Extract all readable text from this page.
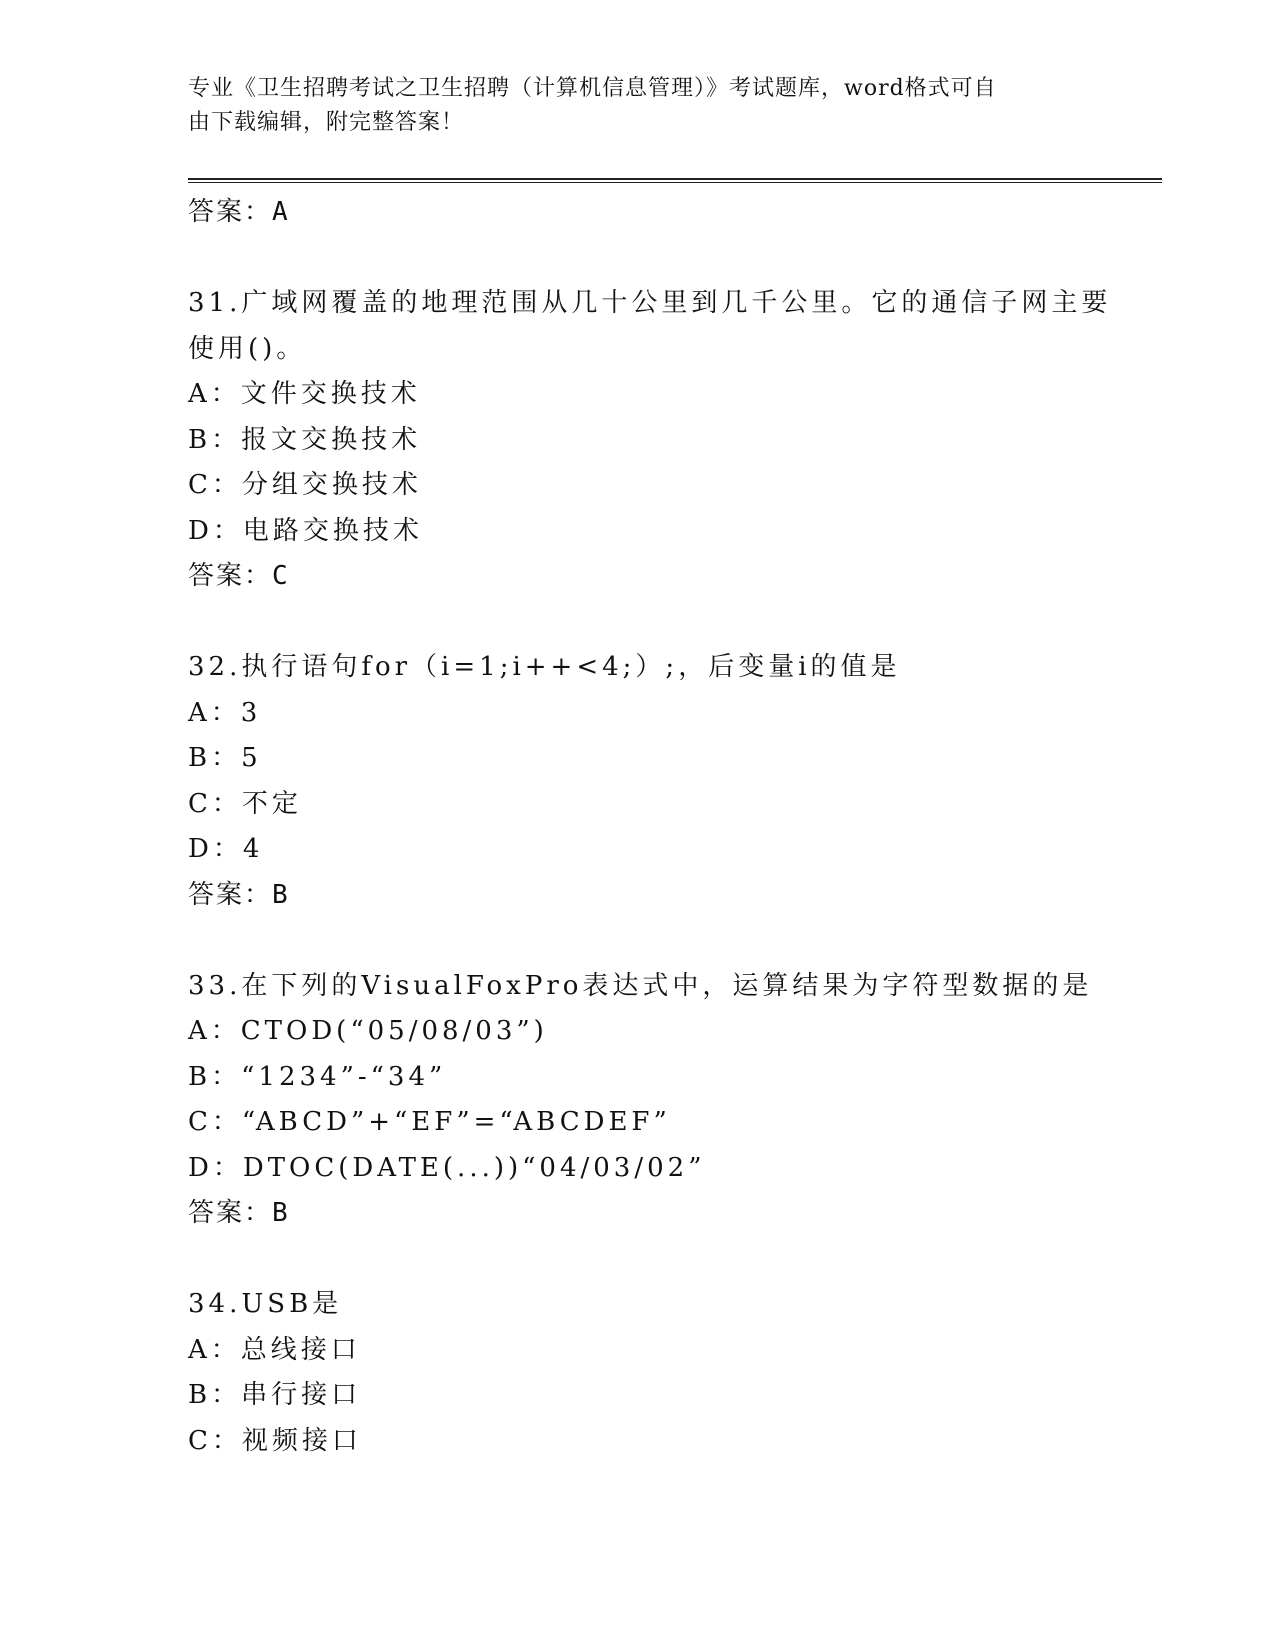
专业《卫生招聘考试之卫生招聘（计算机信息管理）》考试题库，word格式可自
由下载编辑，附完整答案！
答案：A
31.广域网覆盖的地理范围从几十公里到几千公里。它的通信子网主要
使用()。
A：文件交换技术
B：报文交换技术
C：分组交换技术
D：电路交换技术
答案：C
32.执行语句for（i=1;i++<4;）;，后变量i的值是
A：3
B：5
C：不定
D：4
答案：B
33.在下列的VisualFoxPro表达式中，运算结果为字符型数据的是
A：CTOD(“05/08/03”)
B：“1234”-“34”
C：“ABCD”+“EF”=“ABCDEF”
D：DTOC(DATE(...))“04/03/02”
答案：B
34.USB是
A：总线接口
B：串行接口
C：视频接口
